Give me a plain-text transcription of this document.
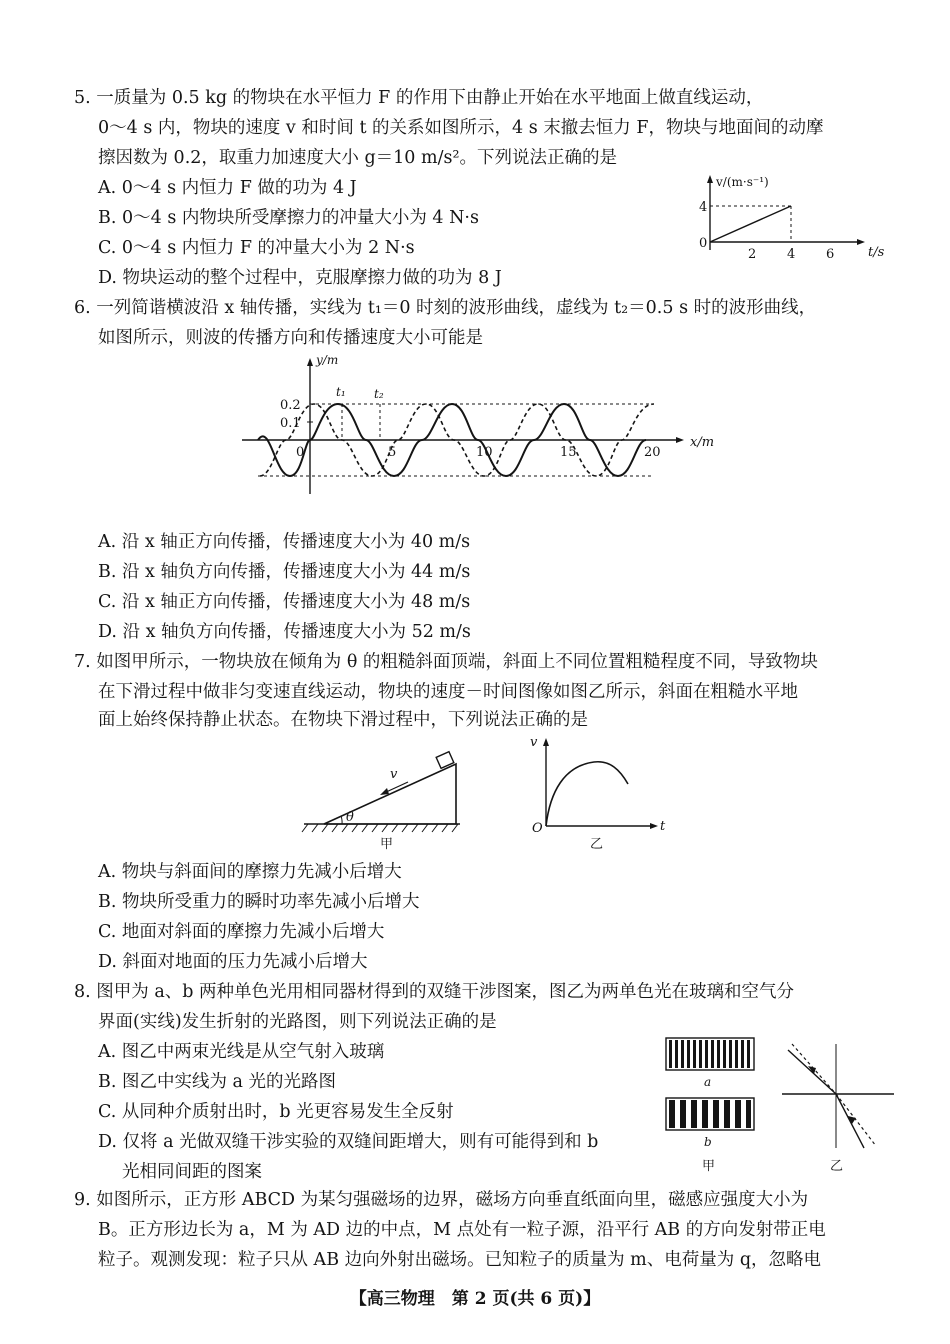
5. 一质量为 0.5 kg 的物块在水平恒力 F 的作用下由静止开始在水平地面上做直线运动，
0～4 s 内，物块的速度 v 和时间 t 的关系如图所示，4 s 末撤去恒力 F，物块与地面间的动摩
擦因数为 0.2，取重力加速度大小 g＝10 m/s²。下列说法正确的是
A. 0～4 s 内恒力 F 做的功为 4 J
B. 0～4 s 内物块所受摩擦力的冲量大小为 4 N·s
C. 0～4 s 内恒力 F 的冲量大小为 2 N·s
D. 物块运动的整个过程中，克服摩擦力做的功为 8 J
v/(m·s⁻¹)
t/s
0
4
2 4 6
6. 一列简谐横波沿 x 轴传播，实线为 t₁＝0 时刻的波形曲线，虚线为 t₂＝0.5 s 时的波形曲线，
如图所示，则波的传播方向和传播速度大小可能是
y/m
x/m
0
0.2
0.1
5	10	15	20
t₁ t₂
A. 沿 x 轴正方向传播，传播速度大小为 40 m/s
B. 沿 x 轴负方向传播，传播速度大小为 44 m/s
C. 沿 x 轴正方向传播，传播速度大小为 48 m/s
D. 沿 x 轴负方向传播，传播速度大小为 52 m/s
7. 如图甲所示，一物块放在倾角为 θ 的粗糙斜面顶端，斜面上不同位置粗糙程度不同，导致物块
在下滑过程中做非匀变速直线运动，物块的速度－时间图像如图乙所示，斜面在粗糙水平地
面上始终保持静止状态。在物块下滑过程中，下列说法正确的是
v
θ
甲
v
t
O
乙
A. 物块与斜面间的摩擦力先减小后增大
B. 物块所受重力的瞬时功率先减小后增大
C. 地面对斜面的摩擦力先减小后增大
D. 斜面对地面的压力先减小后增大
8. 图甲为 a、b 两种单色光用相同器材得到的双缝干涉图案，图乙为两单色光在玻璃和空气分
界面(实线)发生折射的光路图，则下列说法正确的是
A. 图乙中两束光线是从空气射入玻璃
B. 图乙中实线为 a 光的光路图
C. 从同种介质射出时，b 光更容易发生全反射
D. 仅将 a 光做双缝干涉实验的双缝间距增大，则有可能得到和 b
光相同间距的图案
a
b
甲	乙
9. 如图所示，正方形 ABCD 为某匀强磁场的边界，磁场方向垂直纸面向里，磁感应强度大小为
B。正方形边长为 a，M 为 AD 边的中点，M 点处有一粒子源，沿平行 AB 的方向发射带正电
粒子。观测发现：粒子只从 AB 边向外射出磁场。已知粒子的质量为 m、电荷量为 q，忽略电
【高三物理　第 2 页(共 6 页)】
